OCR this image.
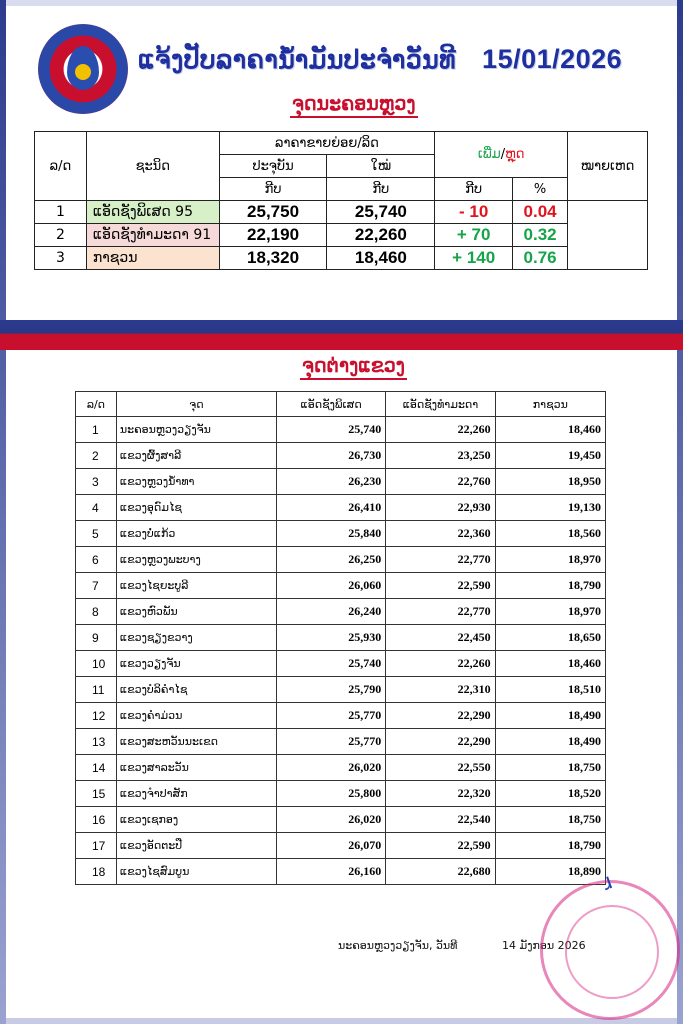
ແຈ້ງປັບລາຄານ້ຳມັນປະຈຳວັນທີ 15/01/2026
ຈຸດນະຄອນຫຼວງ
ລ/ດ	ຊະນິດ	ລາຄາຂາຍຍ່ອຍ/ລິດ		ເພີ່ມ/ຫຼຸດ		ໝາຍເຫດ
		ປະຈຸບັນ	ໃໝ່			
		ກີບ	ກີບ	ກີບ	%	
1	ແອັດຊັງພິເສດ 95	25,750	25,740	- 10	0.04	
2	ແອັດຊັງທຳມະດາ 91	22,190	22,260	+ 70	0.32	
3	ກາຊວນ	18,320	18,460	+ 140	0.76	
ຈຸດຕ່າງແຂວງ
ລ/ດ	ຈຸດ	ແອັດຊັງພິເສດ	ແອັດຊັງທຳມະດາ	ກາຊວນ
1	ນະຄອນຫຼວງວຽງຈັນ	25,740	22,260	18,460
2	ແຂວງຜົ້ງສາລີ	26,730	23,250	19,450
3	ແຂວງຫຼວງນ້ຳທາ	26,230	22,760	18,950
4	ແຂວງອຸດົມໄຊ	26,410	22,930	19,130
5	ແຂວງບໍ່ແກ້ວ	25,840	22,360	18,560
6	ແຂວງຫຼວງພະບາງ	26,250	22,770	18,970
7	ແຂວງໄຊຍະບູລີ	26,060	22,590	18,790
8	ແຂວງຫົວພັນ	26,240	22,770	18,970
9	ແຂວງຊຽງຂວາງ	25,930	22,450	18,650
10	ແຂວງວຽງຈັນ	25,740	22,260	18,460
11	ແຂວງບໍລິຄຳໄຊ	25,790	22,310	18,510
12	ແຂວງຄຳມ່ວນ	25,770	22,290	18,490
13	ແຂວງສະຫວັນນະເຂດ	25,770	22,290	18,490
14	ແຂວງສາລະວັນ	26,020	22,550	18,750
15	ແຂວງຈຳປາສັກ	25,800	22,320	18,520
16	ແຂວງເຊກອງ	26,020	22,540	18,750
17	ແຂວງອັດຕະປື	26,070	22,590	18,790
18	ແຂວງໄຊສົມບູນ	26,160	22,680	18,890
ນະຄອນຫຼວງວຽງຈັນ, ວັນທີ	14 ມັງກອນ 2026
ɹ
